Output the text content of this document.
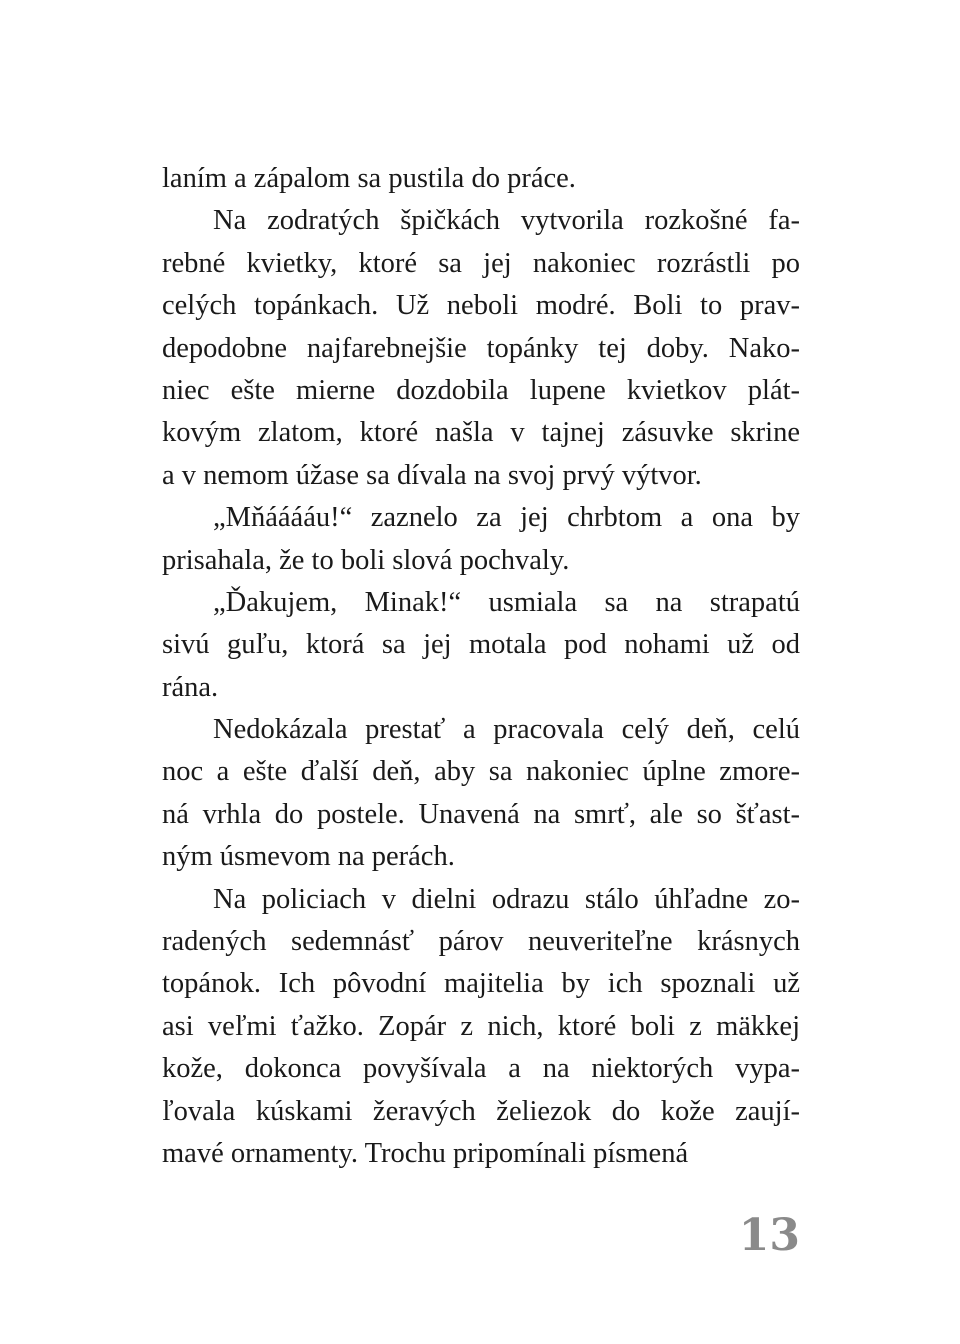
laním a zápalom sa pustila do práce.
Na zodratých špičkách vytvorila rozkošné fa-
rebné kvietky, ktoré sa jej nakoniec rozrástli po
celých topánkach. Už neboli modré. Boli to prav-
depodobne najfarebnejšie topánky tej doby. Nako-
niec ešte mierne dozdobila lupene kvietkov plát-
kovým zlatom, ktoré našla v tajnej zásuvke skrine
a v nemom úžase sa dívala na svoj prvý výtvor.
„Mňááááu!“ zaznelo za jej chrbtom a ona by
prisahala, že to boli slová pochvaly.
„Ďakujem, Minak!“ usmiala sa na strapatú
sivú guľu, ktorá sa jej motala pod nohami už od
rána.
Nedokázala prestať a pracovala celý deň, celú
noc a ešte ďalší deň, aby sa nakoniec úplne zmore-
ná vrhla do postele. Unavená na smrť, ale so šťast-
ným úsmevom na perách.
Na policiach v dielni odrazu stálo úhľadne zo-
radených sedemnásť párov neuveriteľne krásnych
topánok. Ich pôvodní majitelia by ich spoznali už
asi veľmi ťažko. Zopár z nich, ktoré boli z mäkkej
kože, dokonca povyšívala a na niektorých vypa-
ľovala kúskami žeravých želiezok do kože zaují-
mavé ornamenty. Trochu pripomínali písmená
13
